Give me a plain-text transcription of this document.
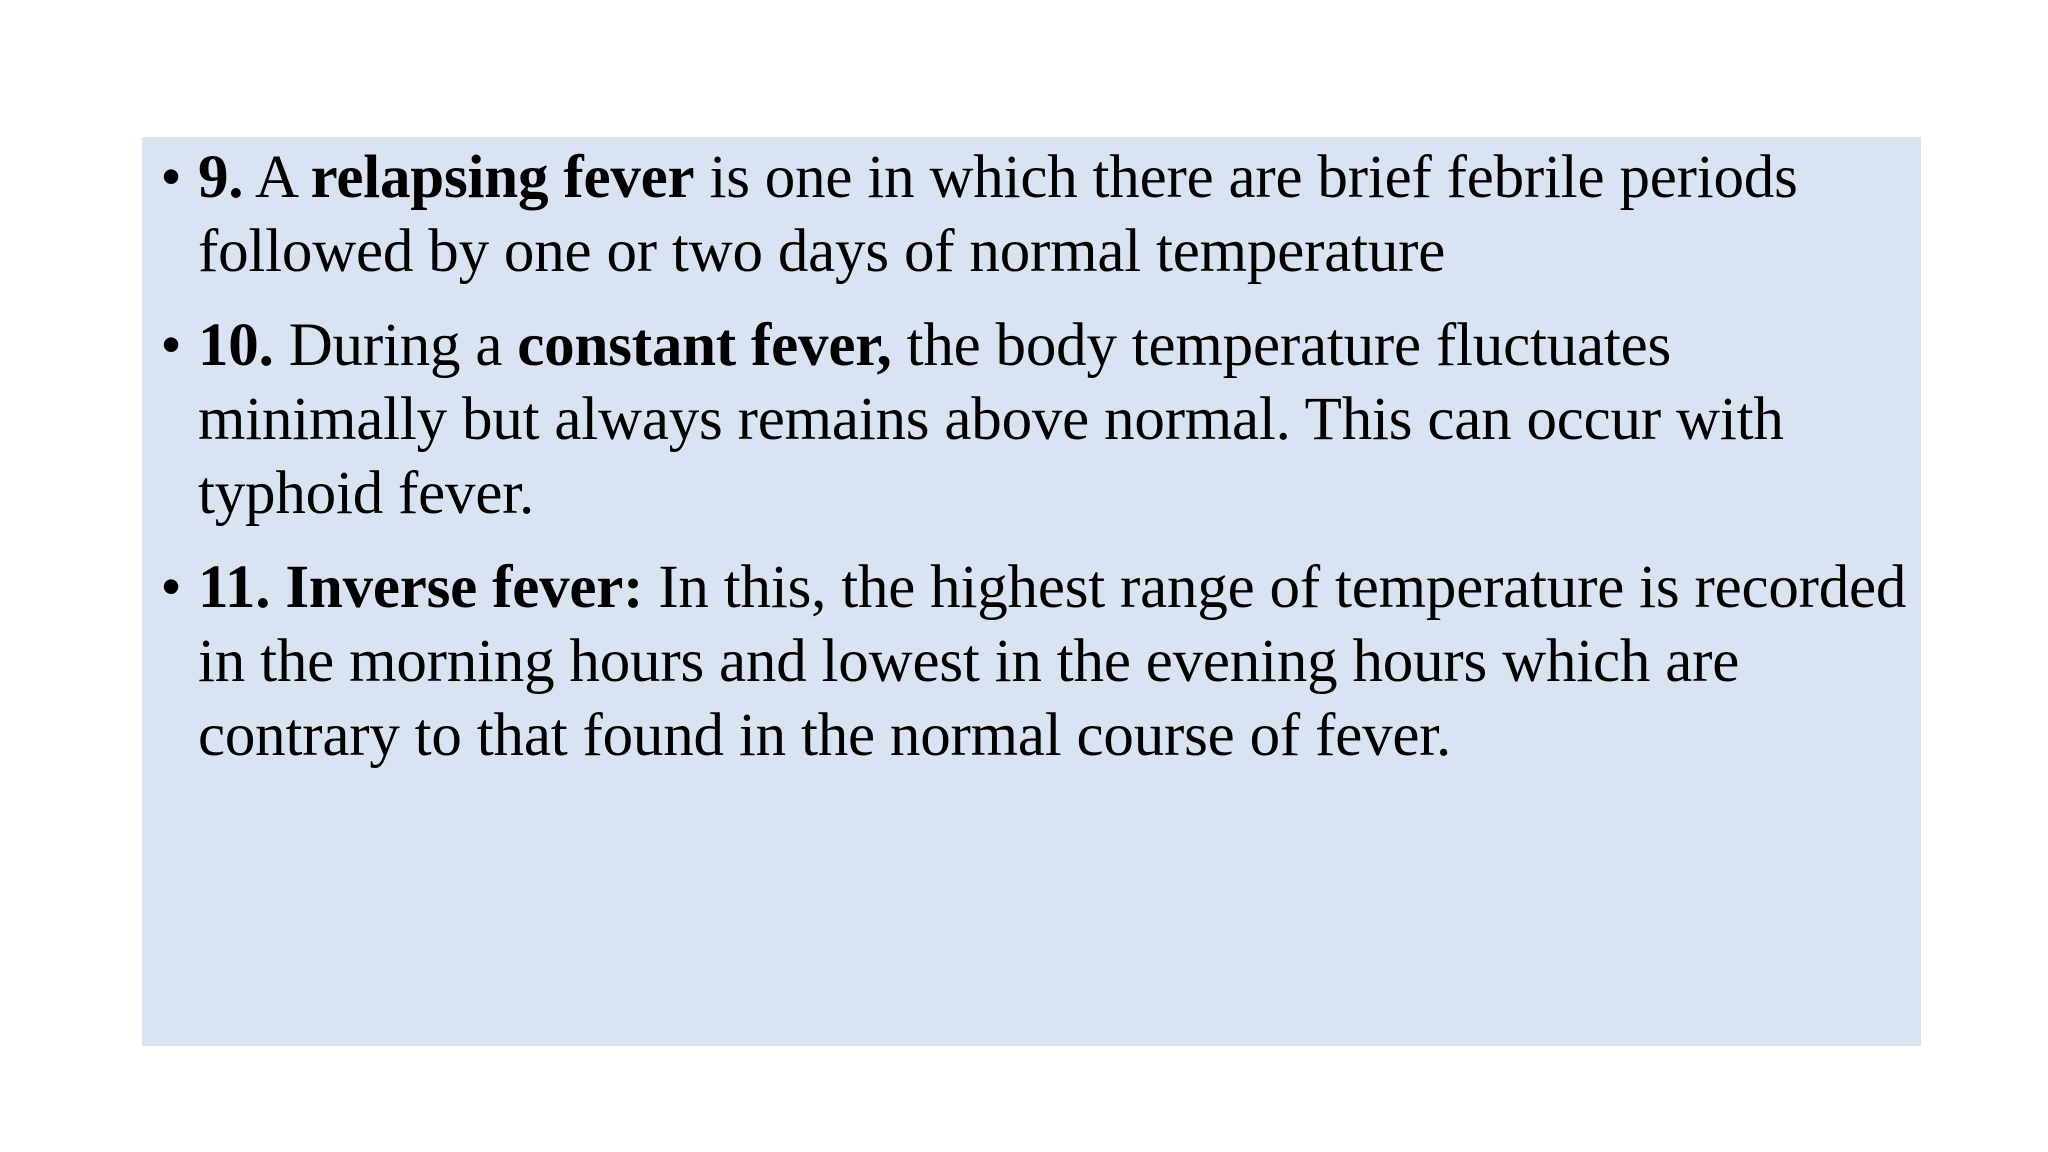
• 9. A relapsing fever is one in which there are brief febrile periods followed by one or two days of normal temperature
• 10. During a constant fever, the body temperature fluctuates minimally but always remains above normal. This can occur with typhoid fever.
• 11. Inverse fever: In this, the highest range of temperature is recorded in the morning hours and lowest in the evening hours which are contrary to that found in the normal course of fever.
